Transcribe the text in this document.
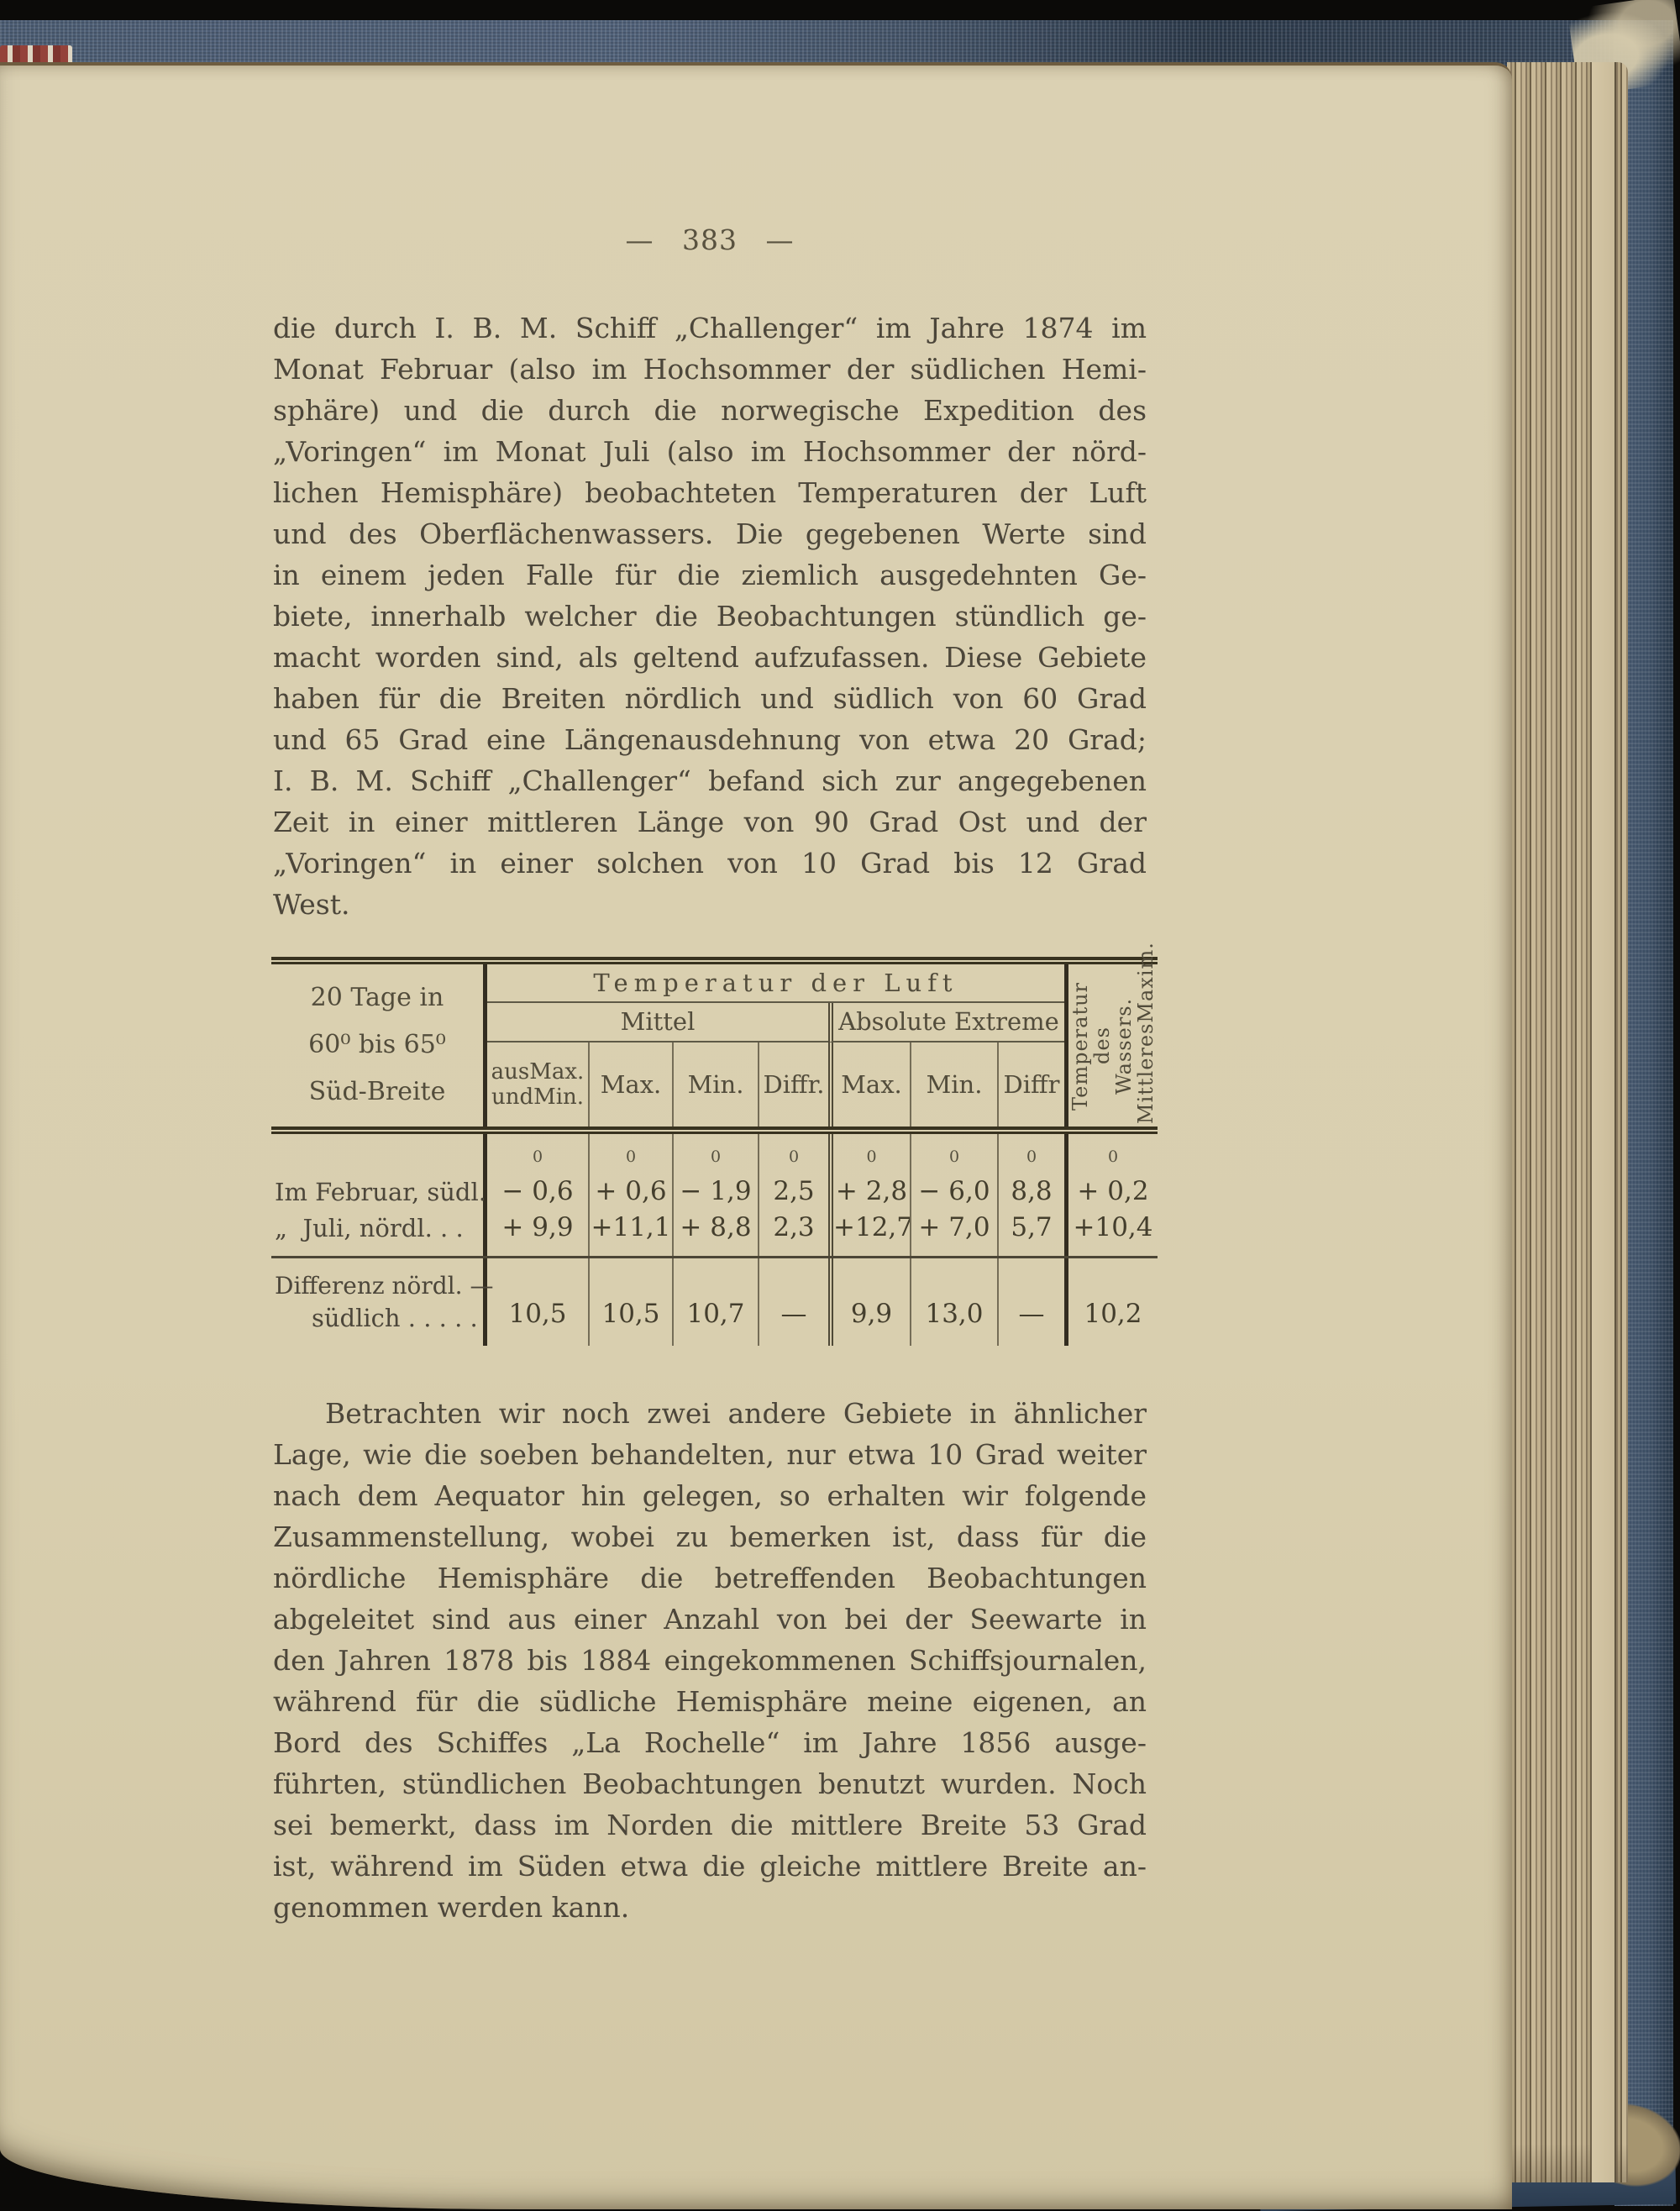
— 383 —
die durch I. B. M. Schiff „Challenger“ im Jahre 1874 im
Monat Februar (also im Hochsommer der südlichen Hemi-
sphäre) und die durch die norwegische Expedition des
„Voringen“ im Monat Juli (also im Hochsommer der nörd-
lichen Hemisphäre) beobachteten Temperaturen der Luft
und des Oberflächenwassers. Die gegebenen Werte sind
in einem jeden Falle für die ziemlich ausgedehnten Ge-
biete, innerhalb welcher die Beobachtungen stündlich ge-
macht worden sind, als geltend aufzufassen. Diese Gebiete
haben für die Breiten nördlich und südlich von 60 Grad
und 65 Grad eine Längenausdehnung von etwa 20 Grad;
I. B. M. Schiff „Challenger“ befand sich zur angegebenen
Zeit in einer mittleren Länge von 90 Grad Ost und der
„Voringen“ in einer solchen von 10 Grad bis 12 Grad
West.
Betrachten wir noch zwei andere Gebiete in ähnlicher
Lage, wie die soeben behandelten, nur etwa 10 Grad weiter
nach dem Aequator hin gelegen, so erhalten wir folgende
Zusammenstellung, wobei zu bemerken ist, dass für die
nördliche Hemisphäre die betreffenden Beobachtungen
abgeleitet sind aus einer Anzahl von bei der Seewarte in
den Jahren 1878 bis 1884 eingekommenen Schiffsjournalen,
während für die südliche Hemisphäre meine eigenen, an
Bord des Schiffes „La Rochelle“ im Jahre 1856 ausge-
führten, stündlichen Beobachtungen benutzt wurden. Noch
sei bemerkt, dass im Norden die mittlere Breite 53 Grad
ist, während im Süden etwa die gleiche mittlere Breite an-
genommen werden kann.
20 Tage in
60⁰ bis 65⁰
Süd-Breite
Temperatur der Luft
Mittel	Absolute Extreme
ausMax.
undMin. Max.	Min. Diffr. Max. Min. Diffr Temperatur des
Wassers.
MittleresMaxim.
Im Februar, südl.
„  Juli, nördl. . .
Differenz nördl. —
südlich . . . . .
0
− 0,6
+ 9,9
10,5
0
+ 0,6
+11,1
10,5
0
− 1,9
+ 8,8
10,7
0
2,5
2,3
—
0
+ 2,8
+12,7
9,9
0
− 6,0
+ 7,0
13,0
0
8,8
5,7
—
0
+ 0,2
+10,4
10,2
